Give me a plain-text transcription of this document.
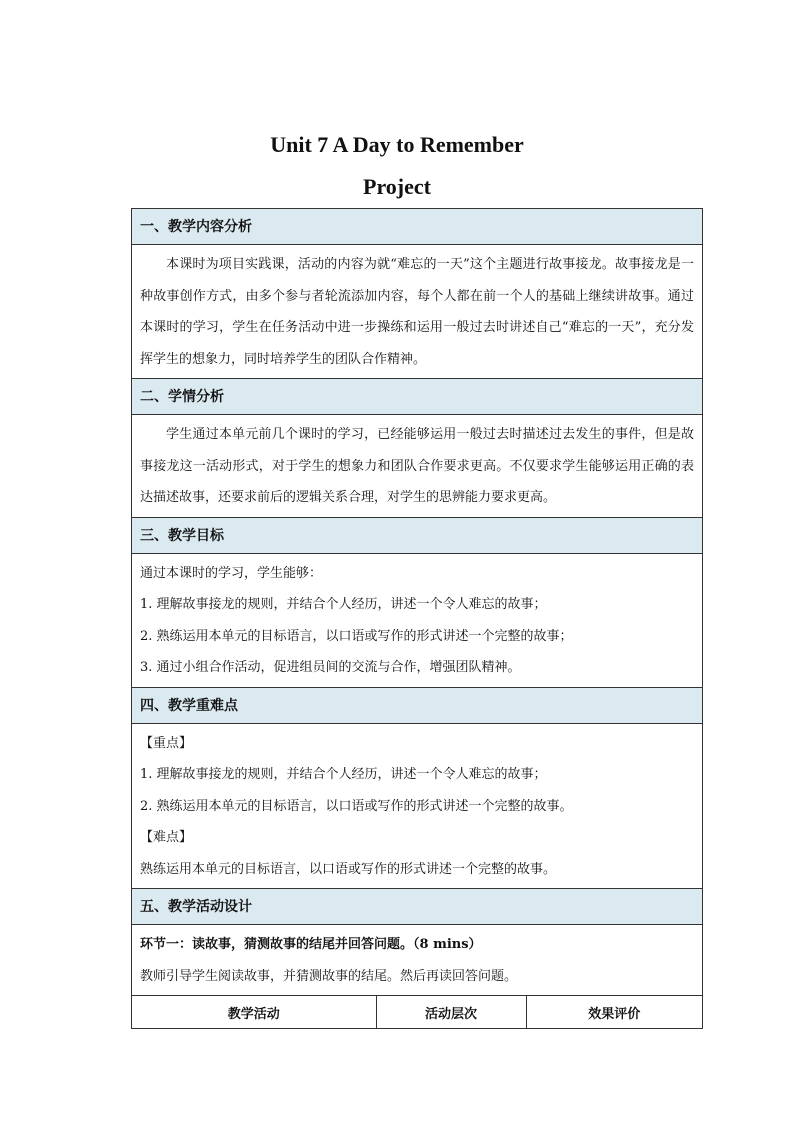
Unit 7 A Day to Remember
Project
一、教学内容分析

本课时为项目实践课，活动的内容为就“难忘的一天”这个主题进行故事接龙。故事接龙是一种故事创作方式，由多个参与者轮流添加内容，每个人都在前一个人的基础上继续讲故事。通过本课时的学习，学生在任务活动中进一步操练和运用一般过去时讲述自己“难忘的一天”，充分发挥学生的想象力，同时培养学生的团队合作精神。

二、学情分析

学生通过本单元前几个课时的学习，已经能够运用一般过去时描述过去发生的事件，但是故事接龙这一活动形式，对于学生的想象力和团队合作要求更高。不仅要求学生能够运用正确的表达描述故事，还要求前后的逻辑关系合理，对学生的思辨能力要求更高。

三、教学目标

通过本课时的学习，学生能够：

1. 理解故事接龙的规则，并结合个人经历，讲述一个令人难忘的故事；

2. 熟练运用本单元的目标语言，以口语或写作的形式讲述一个完整的故事；

3. 通过小组合作活动，促进组员间的交流与合作，增强团队精神。

四、教学重难点

【重点】

1. 理解故事接龙的规则，并结合个人经历，讲述一个令人难忘的故事；

2. 熟练运用本单元的目标语言，以口语或写作的形式讲述一个完整的故事。

【难点】

熟练运用本单元的目标语言，以口语或写作的形式讲述一个完整的故事。

五、教学活动设计

环节一：读故事，猜测故事的结尾并回答问题。（8 mins）

教师引导学生阅读故事，并猜测故事的结尾。然后再读回答问题。

教学活动	活动层次	效果评价
